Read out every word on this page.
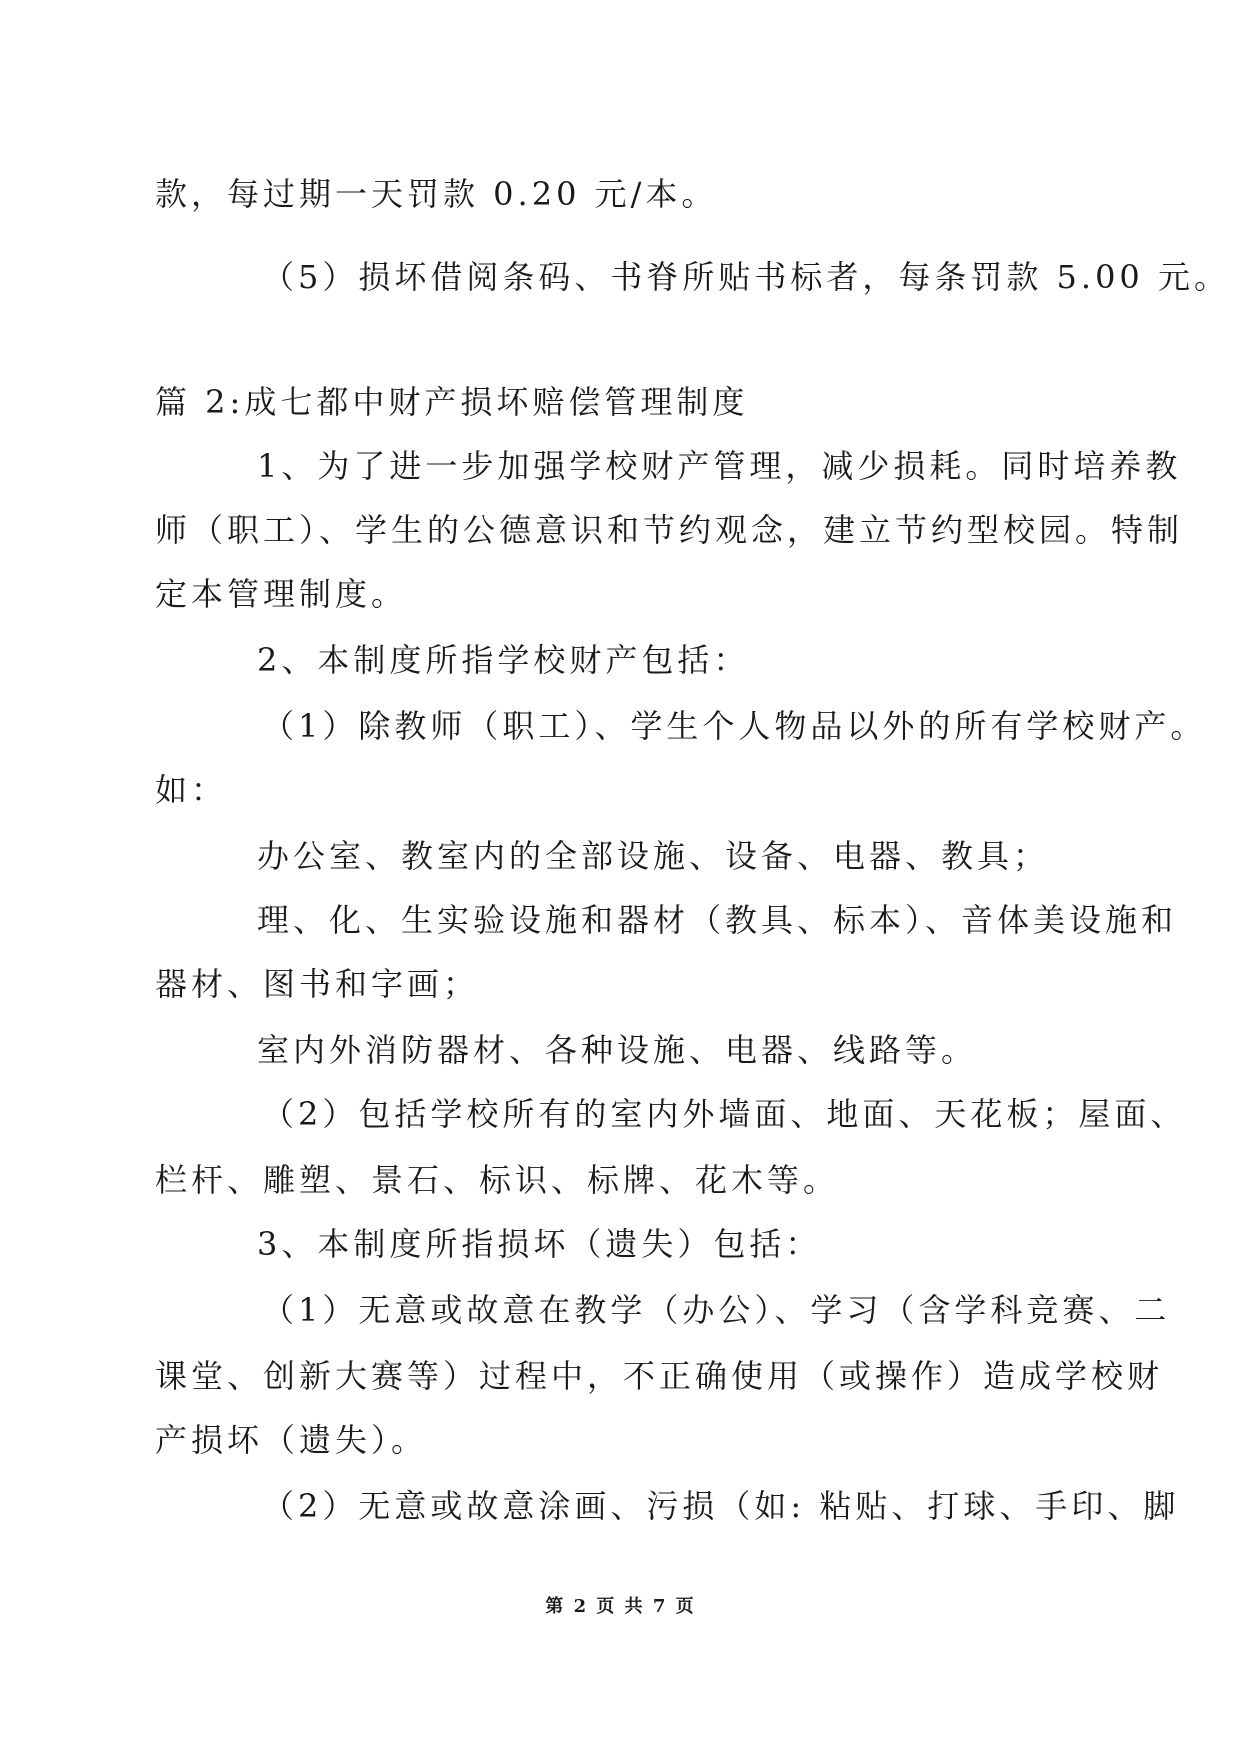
款，每过期一天罚款 0.20 元/本。
（5）损坏借阅条码、书脊所贴书标者，每条罚款 5.00 元。
篇 2:成七都中财产损坏赔偿管理制度
1、为了进一步加强学校财产管理，减少损耗。同时培养教
师（职工）、学生的公德意识和节约观念，建立节约型校园。特制
定本管理制度。
2、本制度所指学校财产包括：
（1）除教师（职工）、学生个人物品以外的所有学校财产。
如：
办公室、教室内的全部设施、设备、电器、教具；
理、化、生实验设施和器材（教具、标本）、音体美设施和
器材、图书和字画；
室内外消防器材、各种设施、电器、线路等。
（2）包括学校所有的室内外墙面、地面、天花板；屋面、
栏杆、雕塑、景石、标识、标牌、花木等。
3、本制度所指损坏（遗失）包括：
（1）无意或故意在教学（办公）、学习（含学科竞赛、二
课堂、创新大赛等）过程中，不正确使用（或操作）造成学校财
产损坏（遗失）。
（2）无意或故意涂画、污损（如: 粘贴、打球、手印、脚
第 2 页 共 7 页
